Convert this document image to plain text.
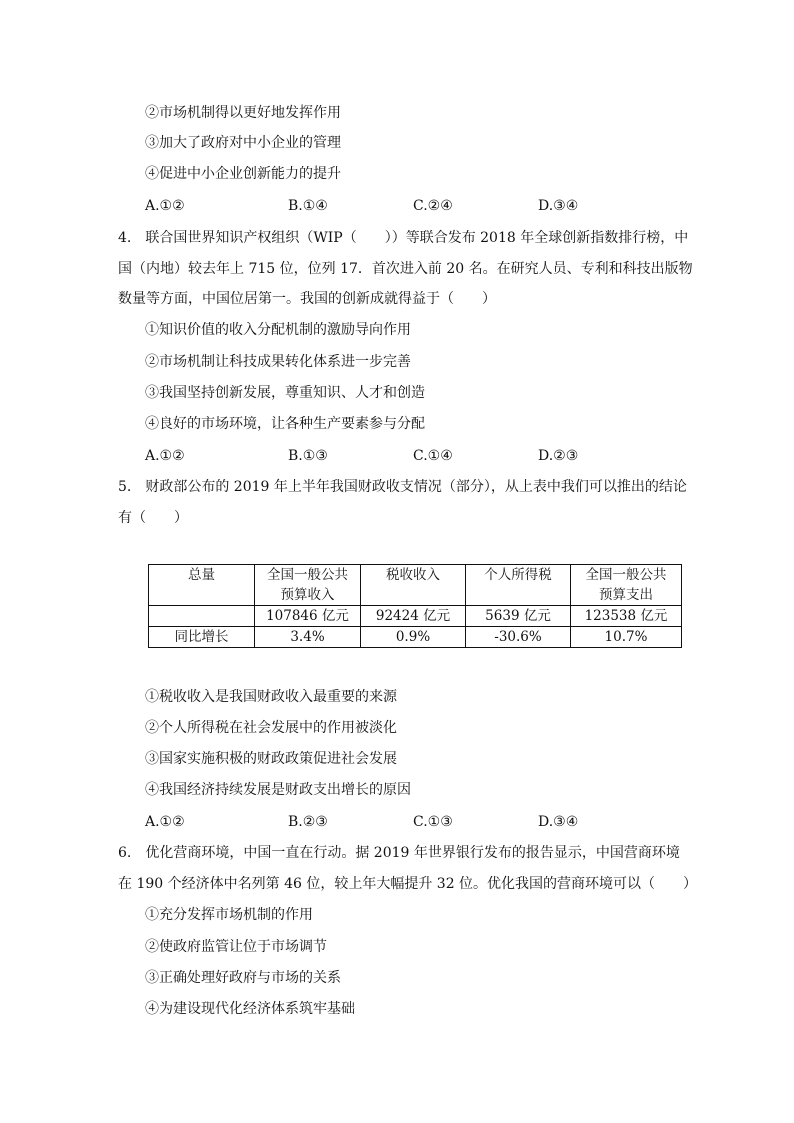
②市场机制得以更好地发挥作用
③加大了政府对中小企业的管理
④促进中小企业创新能力的提升
A.①②	B.①④	C.②④	D.③④
4.　联合国世界知识产权组织（WIP（　　））等联合发布 2018 年全球创新指数排行榜，中
国（内地）较去年上 715 位，位列 17．首次进入前 20 名。在研究人员、专利和科技出版物
数量等方面，中国位居第一。我国的创新成就得益于（　　）
①知识价值的收入分配机制的激励导向作用
②市场机制让科技成果转化体系进一步完善
③我国坚持创新发展，尊重知识、人才和创造
④良好的市场环境，让各种生产要素参与分配
A.①②	B.①③	C.①④	D.②③
5.　财政部公布的 2019 年上半年我国财政收支情况（部分），从上表中我们可以推出的结论
有（　　）
总量	全国一般公共
预算收入	税收收入	个人所得税	全国一般公共
预算支出
	107846 亿元	92424 亿元	5639 亿元	123538 亿元
同比增长	3.4%	0.9%	-30.6%	10.7%
①税收收入是我国财政收入最重要的来源
②个人所得税在社会发展中的作用被淡化
③国家实施积极的财政政策促进社会发展
④我国经济持续发展是财政支出增长的原因
A.①②	B.②③	C.①③	D.③④
6.　优化营商环境，中国一直在行动。据 2019 年世界银行发布的报告显示，中国营商环境
在 190 个经济体中名列第 46 位，较上年大幅提升 32 位。优化我国的营商环境可以（　　）
①充分发挥市场机制的作用
②使政府监管让位于市场调节
③正确处理好政府与市场的关系
④为建设现代化经济体系筑牢基础
